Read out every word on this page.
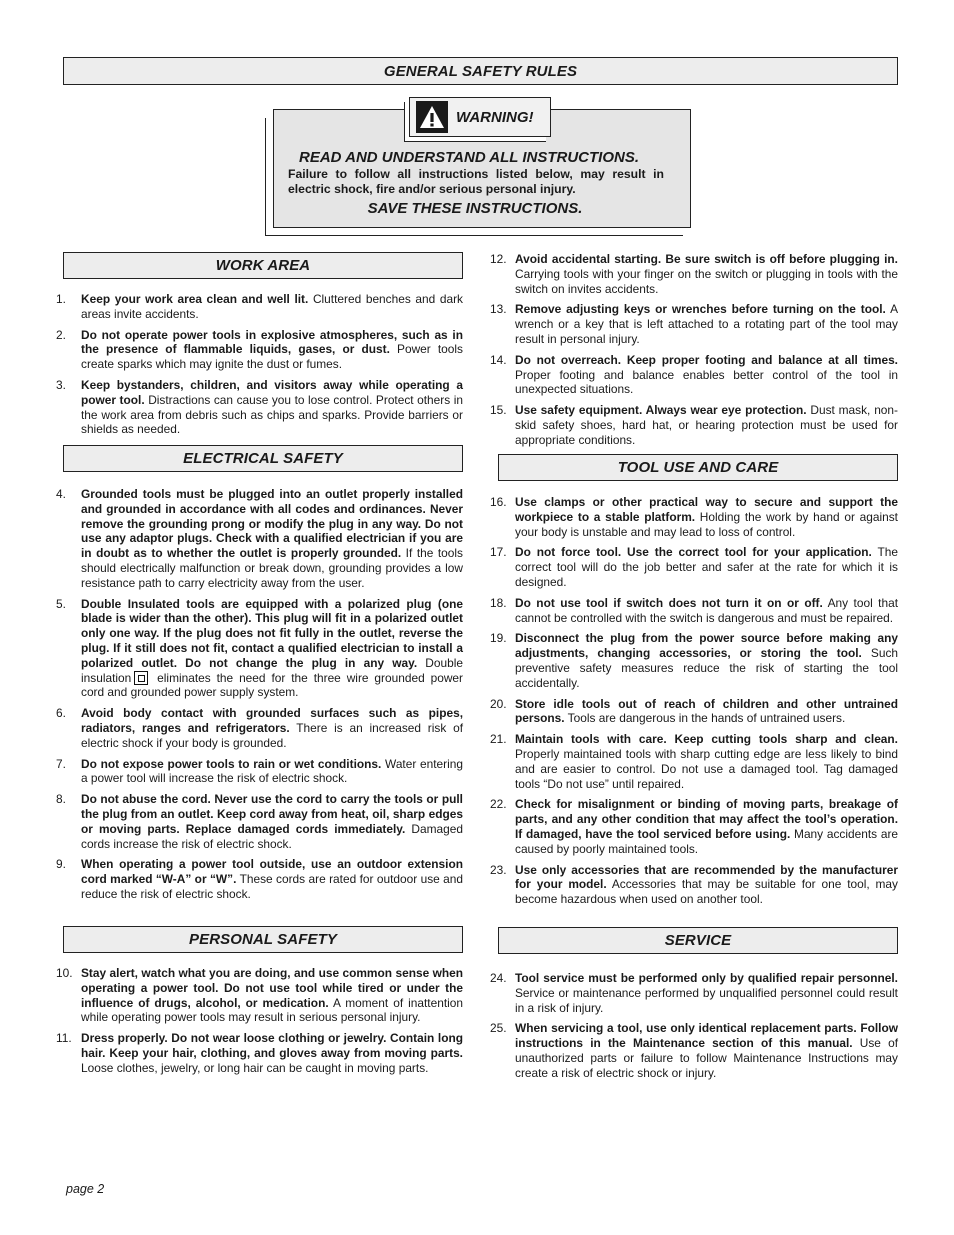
GENERAL SAFETY RULES
WARNING!
READ AND UNDERSTAND ALL INSTRUCTIONS.
Failure to follow all instructions listed below, may result in electric shock, fire and/or serious personal injury.
SAVE THESE INSTRUCTIONS.
WORK AREA
ELECTRICAL SAFETY
PERSONAL SAFETY
TOOL USE AND CARE
SERVICE
1.	Keep your work area clean and well lit. Cluttered benches and dark areas invite accidents.
2.	Do not operate power tools in explosive atmospheres, such as in the presence of flammable liquids, gases, or dust. Power tools create sparks which may ignite the dust or fumes.
3.	Keep bystanders, children, and visitors away while operating a power tool. Distractions can cause you to lose control. Protect others in the work area from debris such as chips and sparks. Provide barriers or shields as needed.
4.	Grounded tools must be plugged into an outlet properly installed and grounded in accordance with all codes and ordinances. Never remove the grounding prong or modify the plug in any way. Do not use any adaptor plugs. Check with a qualified electrician if you are in doubt as to whether the outlet is properly grounded. If the tools should electrically malfunction or break down, grounding provides a low resistance path to carry electricity away from the user.
5.	Double Insulated tools are equipped with a polarized plug (one blade is wider than the other). This plug will fit in a polarized outlet only one way. If the plug does not fit fully in the outlet, reverse the plug. If it still does not fit, contact a qualified electrician to install a polarized outlet. Do not change the plug in any way. Double insulation eliminates the need for the three wire grounded power cord and grounded power supply system.
6.	Avoid body contact with grounded surfaces such as pipes, radiators, ranges and refrigerators. There is an increased risk of electric shock if your body is grounded.
7.	Do not expose power tools to rain or wet conditions. Water entering a power tool will increase the risk of electric shock.
8.	Do not abuse the cord. Never use the cord to carry the tools or pull the plug from an outlet. Keep cord away from heat, oil, sharp edges or moving parts. Replace damaged cords immediately. Damaged cords increase the risk of electric shock.
9.	When operating a power tool outside, use an outdoor extension cord marked “W-A” or “W”. These cords are rated for outdoor use and reduce the risk of electric shock.
10. Stay alert, watch what you are doing, and use common sense when operating a power tool. Do not use tool while tired or under the influence of drugs, alcohol, or medication. A moment of inattention while operating power tools may result in serious personal injury.
11. Dress properly. Do not wear loose clothing or jewelry. Contain long hair. Keep your hair, clothing, and gloves away from moving parts. Loose clothes, jewelry, or long hair can be caught in moving parts.
12. Avoid accidental starting. Be sure switch is off before plugging in. Carrying tools with your finger on the switch or plugging in tools with the switch on invites accidents.
13. Remove adjusting keys or wrenches before turning on the tool. A wrench or a key that is left attached to a rotating part of the tool may result in personal injury.
14. Do not overreach. Keep proper footing and balance at all times. Proper footing and balance enables better control of the tool in unexpected situations.
15. Use safety equipment. Always wear eye protection. Dust mask, non-skid safety shoes, hard hat, or hearing protection must be used for appropriate conditions.
16. Use clamps or other practical way to secure and support the workpiece to a stable platform. Holding the work by hand or against your body is unstable and may lead to loss of control.
17. Do not force tool. Use the correct tool for your application. The correct tool will do the job better and safer at the rate for which it is designed.
18. Do not use tool if switch does not turn it on or off. Any tool that cannot be controlled with the switch is dangerous and must be repaired.
19. Disconnect the plug from the power source before making any adjustments, changing accessories, or storing the tool. Such preventive safety measures reduce the risk of starting the tool accidentally.
20. Store idle tools out of reach of children and other untrained persons. Tools are dangerous in the hands of untrained users.
21. Maintain tools with care. Keep cutting tools sharp and clean. Properly maintained tools with sharp cutting edge are less likely to bind and are easier to control. Do not use a damaged tool. Tag damaged tools “Do not use” until repaired.
22. Check for misalignment or binding of moving parts, breakage of parts, and any other condition that may affect the tool’s operation. If damaged, have the tool serviced before using. Many accidents are caused by poorly maintained tools.
23. Use only accessories that are recommended by the manufacturer for your model. Accessories that may be suitable for one tool, may become hazardous when used on another tool.
24. Tool service must be performed only by qualified repair personnel. Service or maintenance performed by unqualified personnel could result in a risk of injury.
25. When servicing a tool, use only identical replacement parts. Follow instructions in the Maintenance section of this manual. Use of unauthorized parts or failure to follow Maintenance Instructions may create a risk of electric shock or injury.
page 2
